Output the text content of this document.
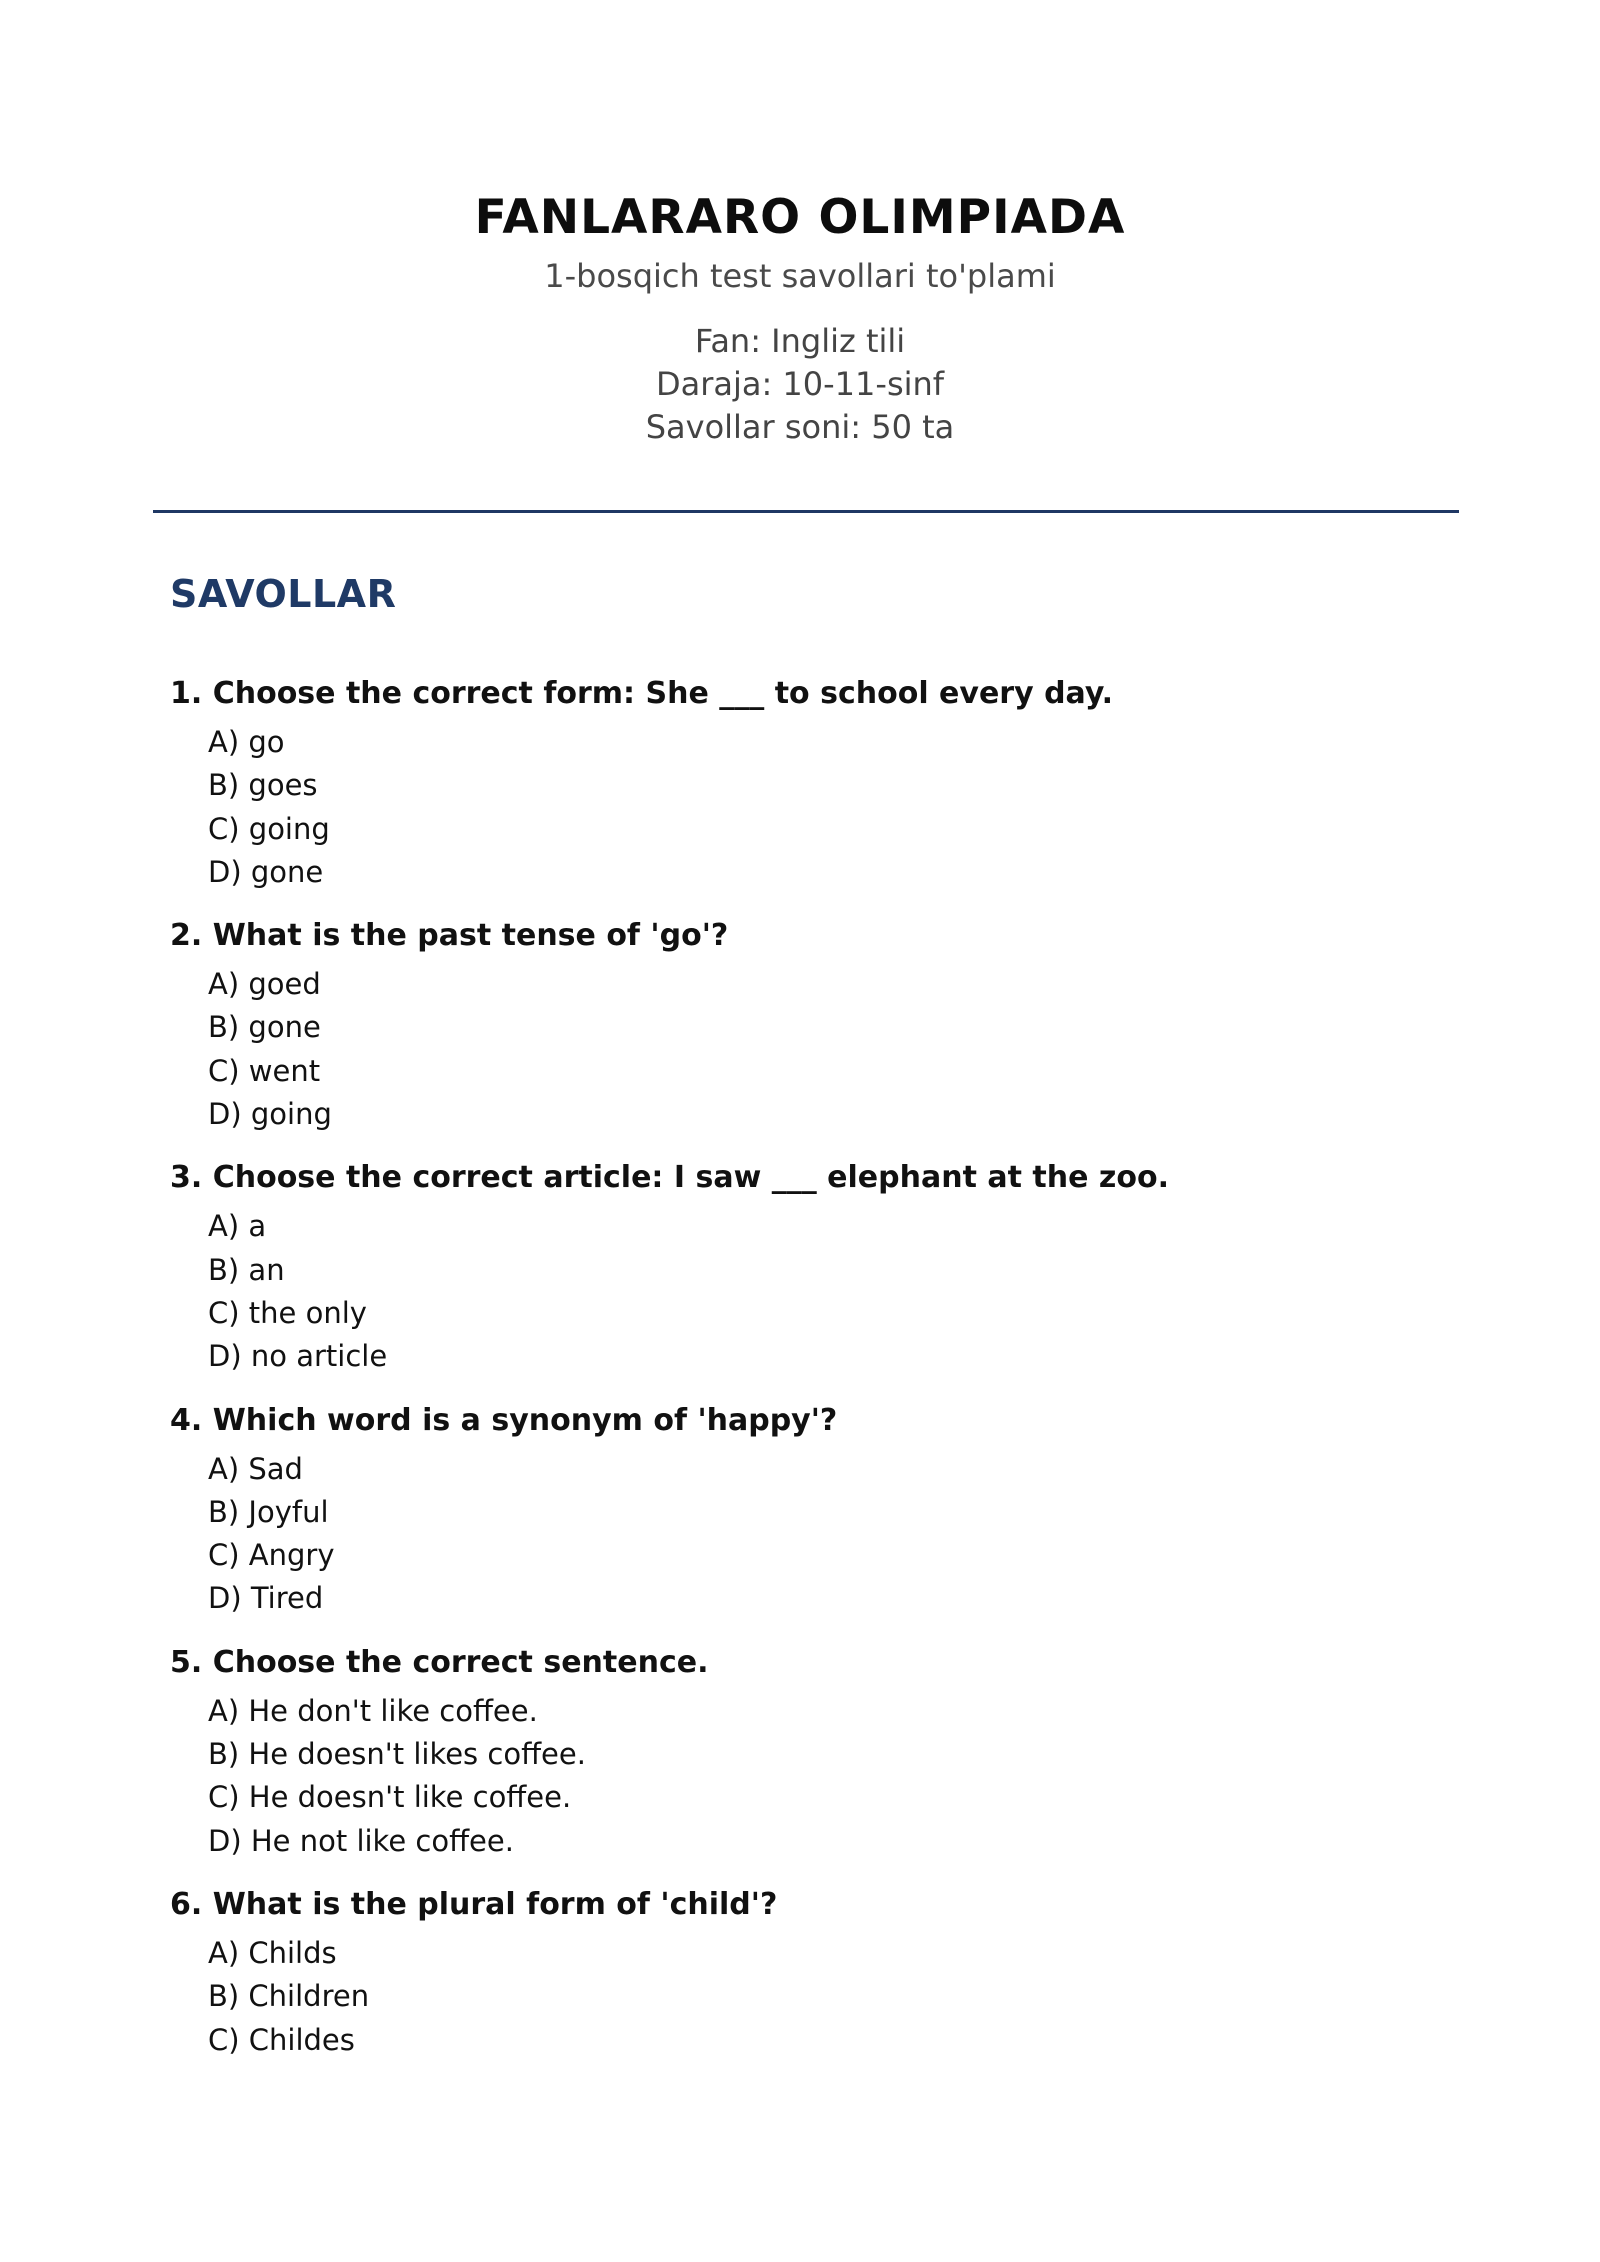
FANLARARO OLIMPIADA
1-bosqich test savollari to'plami
Fan: Ingliz tili
Daraja: 10-11-sinf
Savollar soni: 50 ta
SAVOLLAR
1. Choose the correct form: She ___ to school every day.
A) go
B) goes
C) going
D) gone
2. What is the past tense of 'go'?
A) goed
B) gone
C) went
D) going
3. Choose the correct article: I saw ___ elephant at the zoo.
A) a
B) an
C) the only
D) no article
4. Which word is a synonym of 'happy'?
A) Sad
B) Joyful
C) Angry
D) Tired
5. Choose the correct sentence.
A) He don't like coffee.
B) He doesn't likes coffee.
C) He doesn't like coffee.
D) He not like coffee.
6. What is the plural form of 'child'?
A) Childs
B) Children
C) Childes
